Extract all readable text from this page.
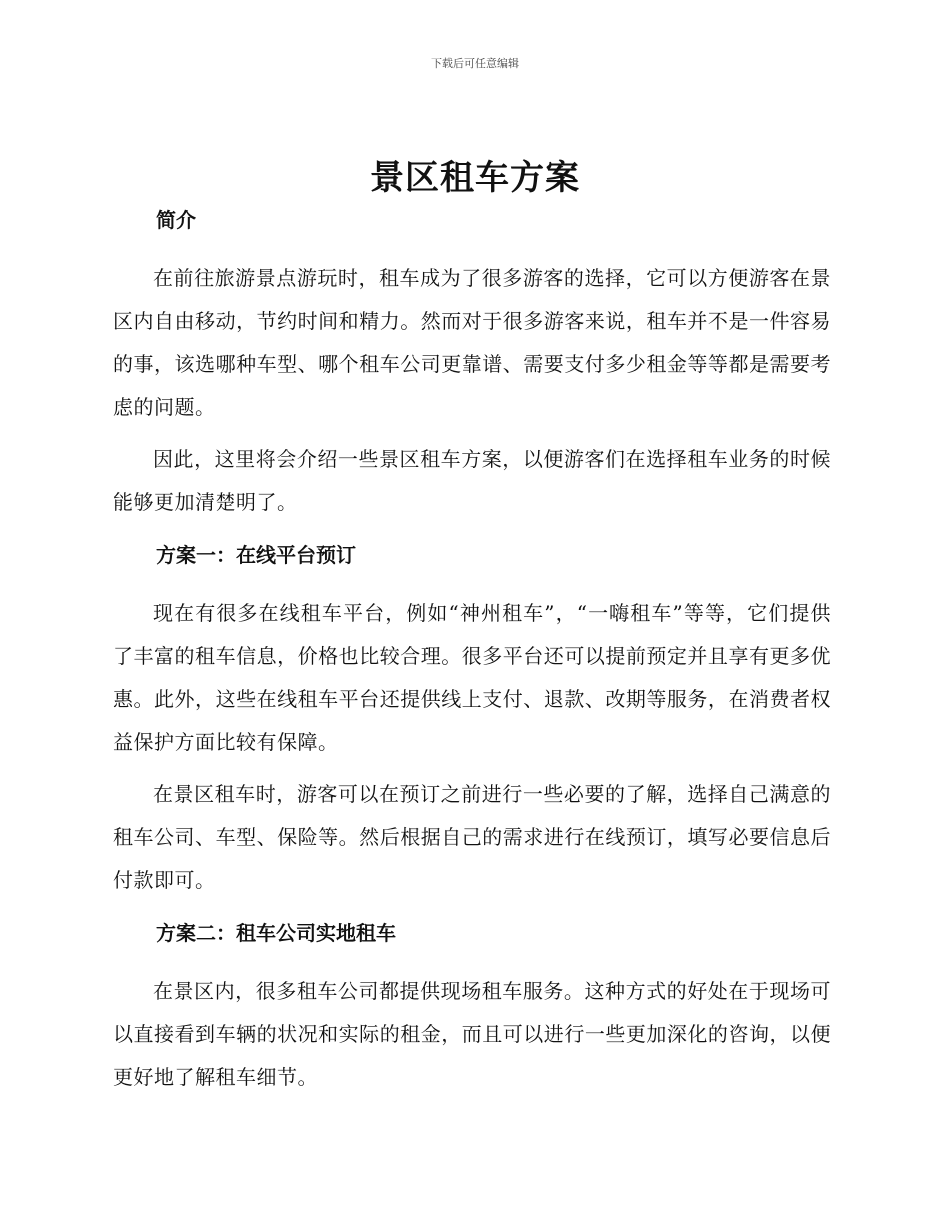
下载后可任意编辑
景区租车方案
简介

在前往旅游景点游玩时，租车成为了很多游客的选择，它可以方便游客在景区内自由移动，节约时间和精力。然而对于很多游客来说，租车并不是一件容易的事，该选哪种车型、哪个租车公司更靠谱、需要支付多少租金等等都是需要考虑的问题。

因此，这里将会介绍一些景区租车方案，以便游客们在选择租车业务的时候能够更加清楚明了。

方案一：在线平台预订

现在有很多在线租车平台，例如“神州租车”，“一嗨租车”等等，它们提供了丰富的租车信息，价格也比较合理。很多平台还可以提前预定并且享有更多优惠。此外，这些在线租车平台还提供线上支付、退款、改期等服务，在消费者权益保护方面比较有保障。

在景区租车时，游客可以在预订之前进行一些必要的了解，选择自己满意的租车公司、车型、保险等。然后根据自己的需求进行在线预订，填写必要信息后付款即可。

方案二：租车公司实地租车

在景区内，很多租车公司都提供现场租车服务。这种方式的好处在于现场可以直接看到车辆的状况和实际的租金，而且可以进行一些更加深化的咨询，以便更好地了解租车细节。
